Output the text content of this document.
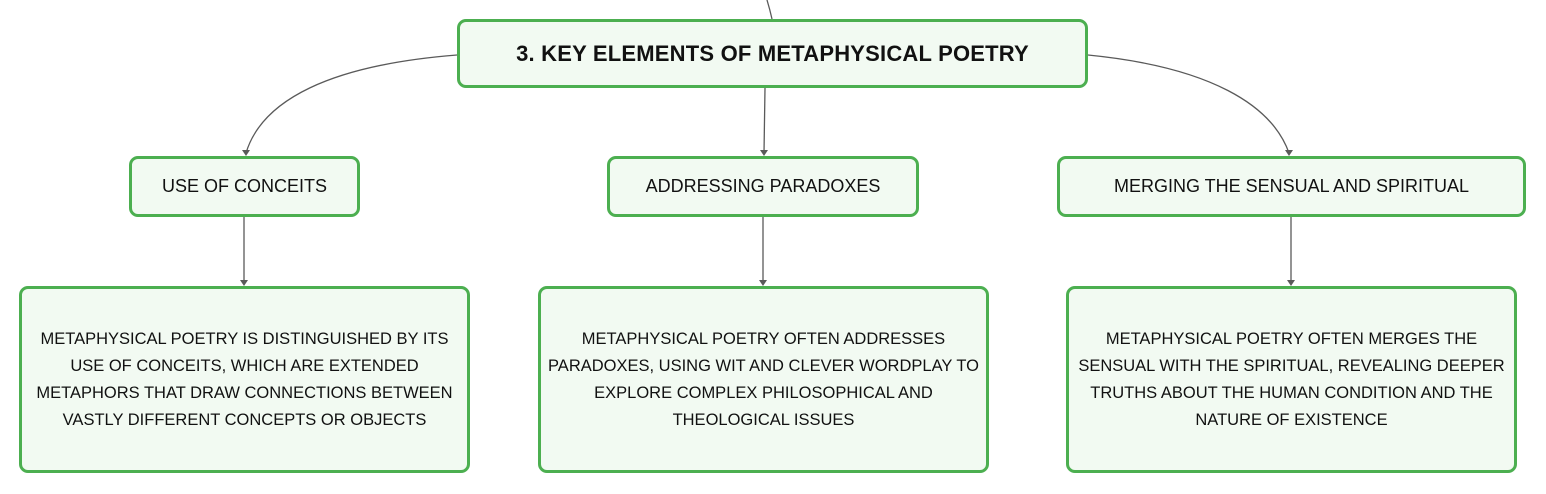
3. KEY ELEMENTS OF METAPHYSICAL POETRY
USE OF CONCEITS	ADDRESSING PARADOXES	MERGING THE SENSUAL AND SPIRITUAL
METAPHYSICAL POETRY IS DISTINGUISHED BY ITS USE OF CONCEITS, WHICH ARE EXTENDED METAPHORS THAT DRAW CONNECTIONS BETWEEN VASTLY DIFFERENT CONCEPTS OR OBJECTS
METAPHYSICAL POETRY OFTEN ADDRESSES PARADOXES, USING WIT AND CLEVER WORDPLAY TO EXPLORE COMPLEX PHILOSOPHICAL AND THEOLOGICAL ISSUES
METAPHYSICAL POETRY OFTEN MERGES THE SENSUAL WITH THE SPIRITUAL, REVEALING DEEPER TRUTHS ABOUT THE HUMAN CONDITION AND THE NATURE OF EXISTENCE
